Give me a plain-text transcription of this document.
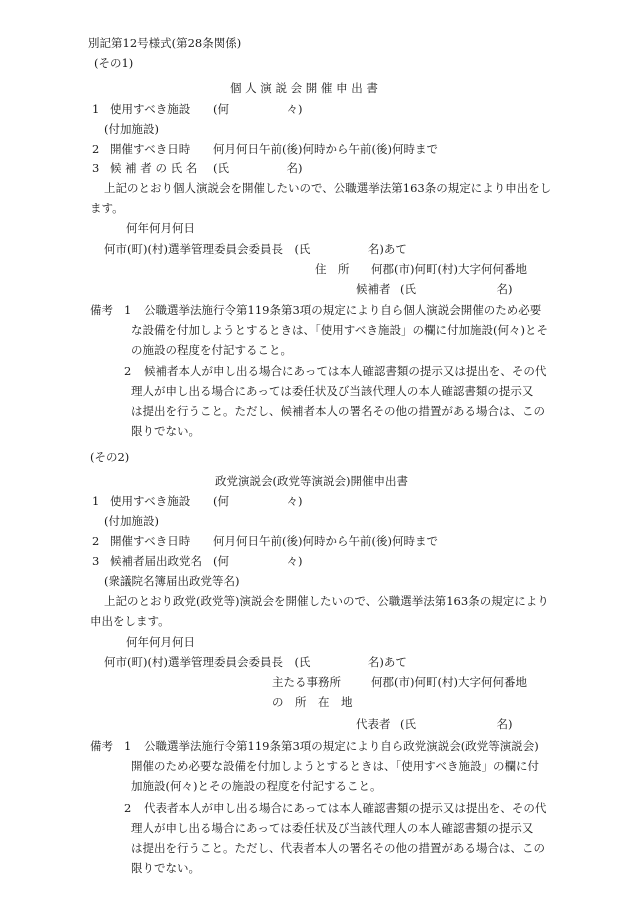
別記第12号様式(第28条関係)
(その1)
個 人 演 説 会 開 催 申 出 書
1 使用すべき施設 (何　　　　　々)
(付加施設)
2 開催すべき日時 何月何日午前(後)何時から午前(後)何時まで
3 候 補 者 の 氏 名 (氏　　　　　名)
上記のとおり個人演説会を開催したいので、公職選挙法第163条の規定により申出をし
ます。
何年何月何日
何市(町)(村)選挙管理委員会委員長　(氏　　　　　名)あて
住　所 何郡(市)何町(村)大字何何番地
候補者 (氏　　　　　　　名)
備考 1 公職選挙法施行令第119条第3項の規定により自ら個人演説会開催のため必要
な設備を付加しようとするときは、「使用すべき施設」の欄に付加施設(何々)とそ
の施設の程度を付記すること。
2 候補者本人が申し出る場合にあっては本人確認書類の提示又は提出を、その代
理人が申し出る場合にあっては委任状及び当該代理人の本人確認書類の提示又
は提出を行うこと。ただし、候補者本人の署名その他の措置がある場合は、この
限りでない。
(その2)
政党演説会(政党等演説会)開催申出書
1 使用すべき施設 (何　　　　　々)
(付加施設)
2 開催すべき日時 何月何日午前(後)何時から午前(後)何時まで
3 候補者届出政党名 (何　　　　　々)
(衆議院名簿届出政党等名)
上記のとおり政党(政党等)演説会を開催したいので、公職選挙法第163条の規定により
申出をします。
何年何月何日
何市(町)(村)選挙管理委員会委員長　(氏　　　　　名)あて
主たる事務所	何郡(市)何町(村)大字何何番地
の　所　在　地
代表者 (氏　　　　　　　名)
備考 1 公職選挙法施行令第119条第3項の規定により自ら政党演説会(政党等演説会)
開催のため必要な設備を付加しようとするときは、「使用すべき施設」の欄に付
加施設(何々)とその施設の程度を付記すること。
2 代表者本人が申し出る場合にあっては本人確認書類の提示又は提出を、その代
理人が申し出る場合にあっては委任状及び当該代理人の本人確認書類の提示又
は提出を行うこと。ただし、代表者本人の署名その他の措置がある場合は、この
限りでない。
